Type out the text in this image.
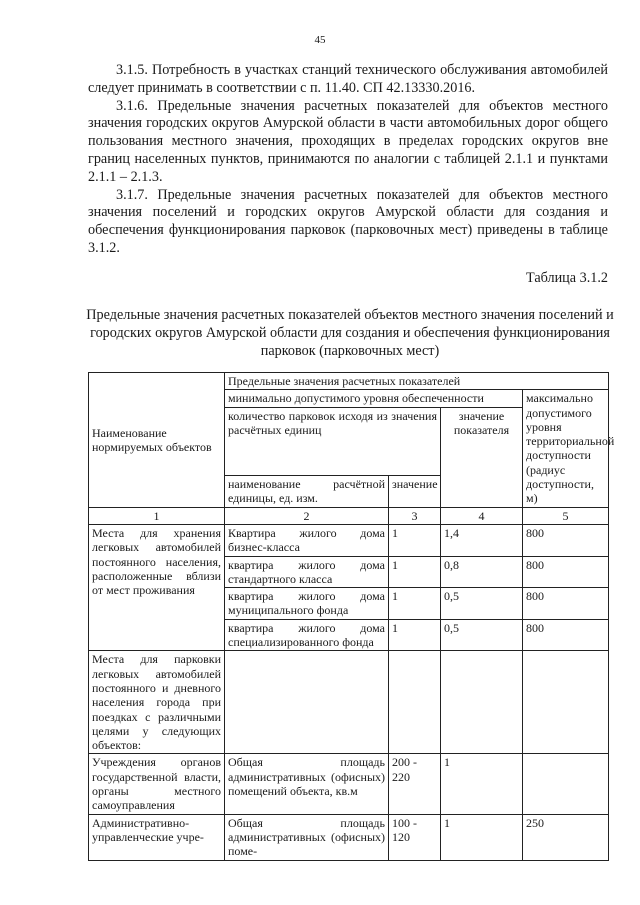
45

3.1.5. Потребность в участках станций технического обслуживания автомобилей следует принимать в соответствии с п. 11.40. СП 42.13330.2016.

3.1.6. Предельные значения расчетных показателей для объектов местного значения городских округов Амурской области в части автомобильных дорог общего пользования местного значения, проходящих в пределах городских округов вне границ населенных пунктов, принимаются по аналогии с таблицей 2.1.1 и пунктами 2.1.1 – 2.1.3.

3.1.7. Предельные значения расчетных показателей для объектов местного значения поселений и городских округов Амурской области для создания и обеспечения функционирования парковок (парковочных мест) приведены в таблице 3.1.2.

Таблица 3.1.2
Предельные значения расчетных показателей объектов местного значения поселений и городских округов Амурской области для создания и обеспечения функционирования парковок (парковочных мест)
Наименование нормируемых объектов	Предельные значения расчетных показателей			
	минимально допустимого уровня обеспеченности			максимально допустимого уровня территориальной доступности (радиус доступности, м)
	количество парковок исходя из значения расчётных единиц		значение показателя	
	наименование расчётной единицы, ед. изм.	значение		
1	2	3	4	5
Места для хранения легковых автомобилей постоянного населения, расположенные вблизи от мест проживания	Квартира жилого дома бизнес-класса	1	1,4	800
	квартира жилого дома стандартного класса	1	0,8	800
	квартира жилого дома муниципального фонда	1	0,5	800
	квартира жилого дома специализированного фонда	1	0,5	800
Места для парковки легковых автомобилей постоянного и дневного населения города при поездках с различными целями у следующих объектов:				
Учреждения органов государственной власти, органы местного самоуправления	Общая площадь административных (офисных) помещений объекта, кв.м	200 - 220	1	
Административно-управленческие учре-	Общая площадь административных (офисных) поме-	100 - 120	1	250
